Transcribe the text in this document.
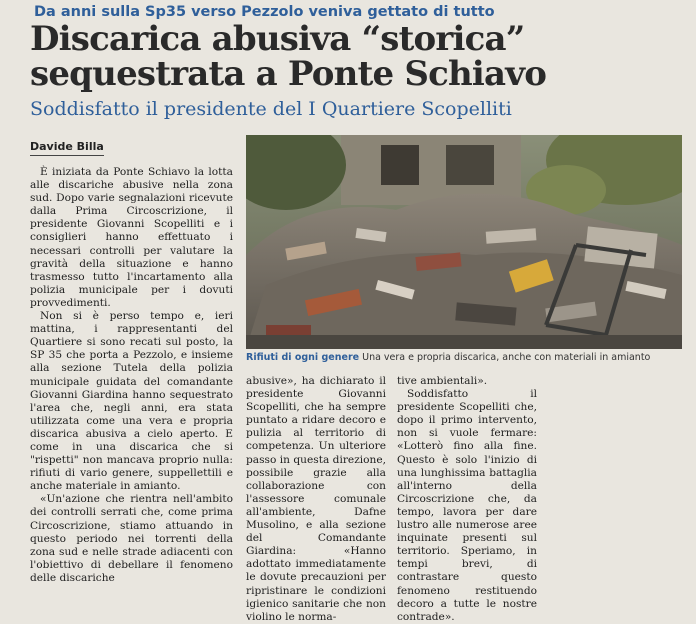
Da anni sulla Sp35 verso Pezzolo veniva gettato di tutto
Discarica abusiva “storica”
sequestrata a Ponte Schiavo
Soddisfatto il presidente del I Quartiere Scopelliti
Davide Billa

È iniziata da Ponte Schiavo la lotta alle discariche abusive nella zona sud. Dopo varie segnalazioni ricevute dalla Prima Circoscrizione, il presidente Giovanni Scopelliti e i consiglieri hanno effettuato i necessari controlli per valutare la gravità della situazione e hanno trasmesso tutto l'incartamento alla polizia municipale per i dovuti provvedimenti.

Non si è perso tempo e, ieri mattina, i rappresentanti del Quartiere si sono recati sul posto, la SP 35 che porta a Pezzolo, e insieme alla sezione Tutela della polizia municipale guidata del comandante Giovanni Giardina hanno sequestrato l'area che, negli anni, era stata utilizzata come una vera e propria discarica abusiva a cielo aperto. E come in una discarica che si "rispetti" non mancava proprio nulla: rifiuti di vario genere, suppellettili e anche materiale in amianto.

«Un'azione che rientra nell'ambito dei controlli serrati che, come prima Circoscrizione, stiamo attuando in questo periodo nei torrenti della zona sud e nelle strade adiacenti con l'obiettivo di debellare il fenomeno delle discariche

Rifiuti di ogni genere Una vera e propria discarica, anche con materiali in amianto

abusive», ha dichiarato il presidente Giovanni Scopelliti, che ha sempre puntato a ridare decoro e pulizia al territorio di competenza. Un ulteriore passo in questa direzione, possibile grazie alla collaborazione con l'assessore comunale all'ambiente, Dafne Musolino, e alla sezione del Comandante Giardina: «Hanno adottato immediatamente le dovute precauzioni per ripristinare le condizioni igienico sanitarie che non violino le norma-

tive ambientali».

Soddisfatto il presidente Scopelliti che, dopo il primo intervento, non si vuole fermare: «Lotterò fino alla fine. Questo è solo l'inizio di una lunghissima battaglia all'interno della Circoscrizione che, da tempo, lavora per dare lustro alle numerose aree inquinate presenti sul territorio. Speriamo, in tempi brevi, di contrastare questo fenomeno restituendo decoro a tutte le nostre contrade».
